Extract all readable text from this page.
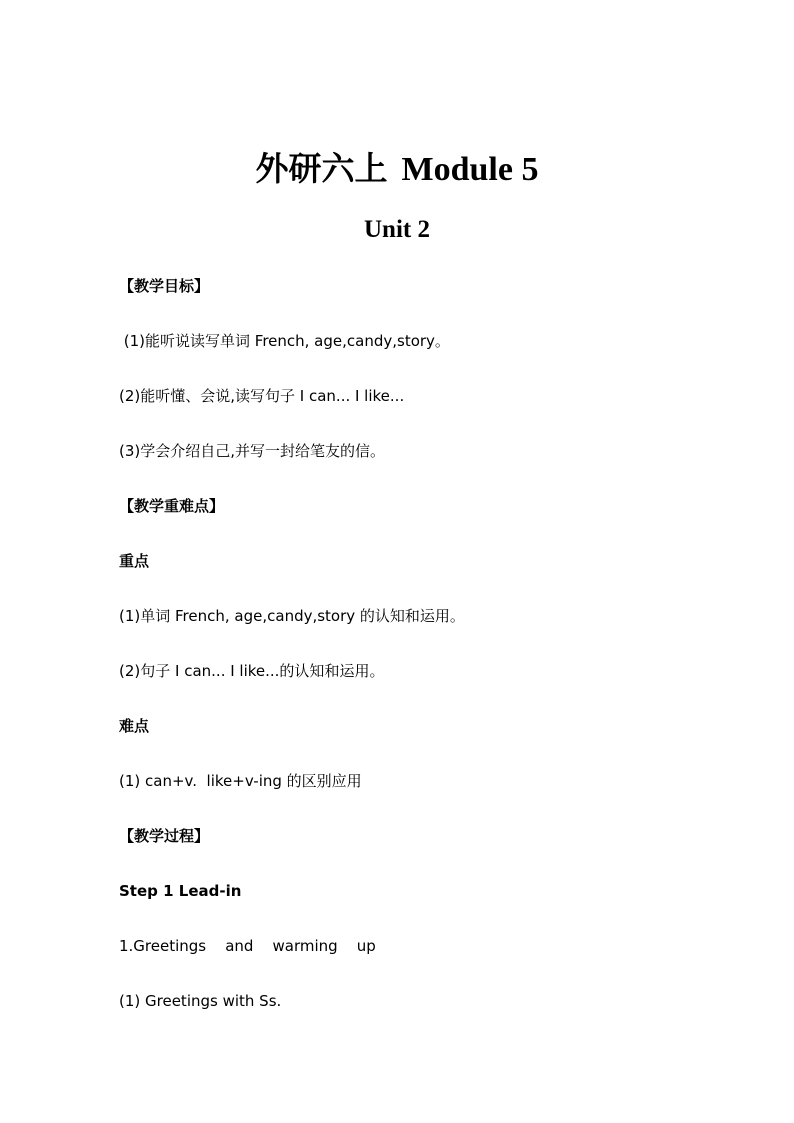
外研六上 Module 5
Unit 2
【教学目标】
(1)能听说读写单词 French, age,candy,story。
(2)能听懂、会说,读写句子 I can... I like...
(3)学会介绍自己,并写一封给笔友的信。
【教学重难点】
重点
(1)单词 French, age,candy,story 的认知和运用。
(2)句子 I can... I like...的认知和运用。
难点
(1) can+v.  like+v-ing 的区别应用
【教学过程】
Step 1 Lead-in
1.Greetings    and    warming    up
(1) Greetings with Ss.
